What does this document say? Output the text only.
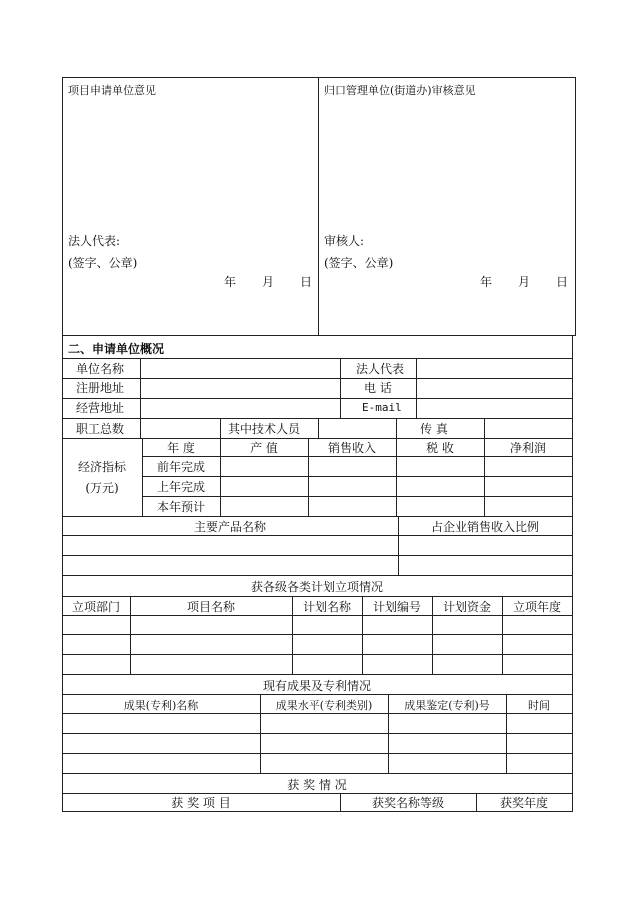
项目申请单位意见
法人代表:
(签字、公章)
年 月 日
归口管理单位(街道办)审核意见
审核人:
(签字、公章)
年 月 日
二、申请单位概况
单位名称	法人代表
注册地址	电 话
经营地址	E-mail
职工总数	其中技术人员	传 真
经济指标
(万元)
年 度	产 值	销售收入	税 收	净利润
前年完成
上年完成
本年预计
主要产品名称	占企业销售收入比例
获各级各类计划立项情况
立项部门	项目名称	计划名称	计划编号	计划资金	立项年度
现有成果及专利情况
成果(专利)名称	成果水平(专利类别)	成果鉴定(专利)号	时间
获 奖 情 况
获 奖 项 目	获奖名称等级	获奖年度
